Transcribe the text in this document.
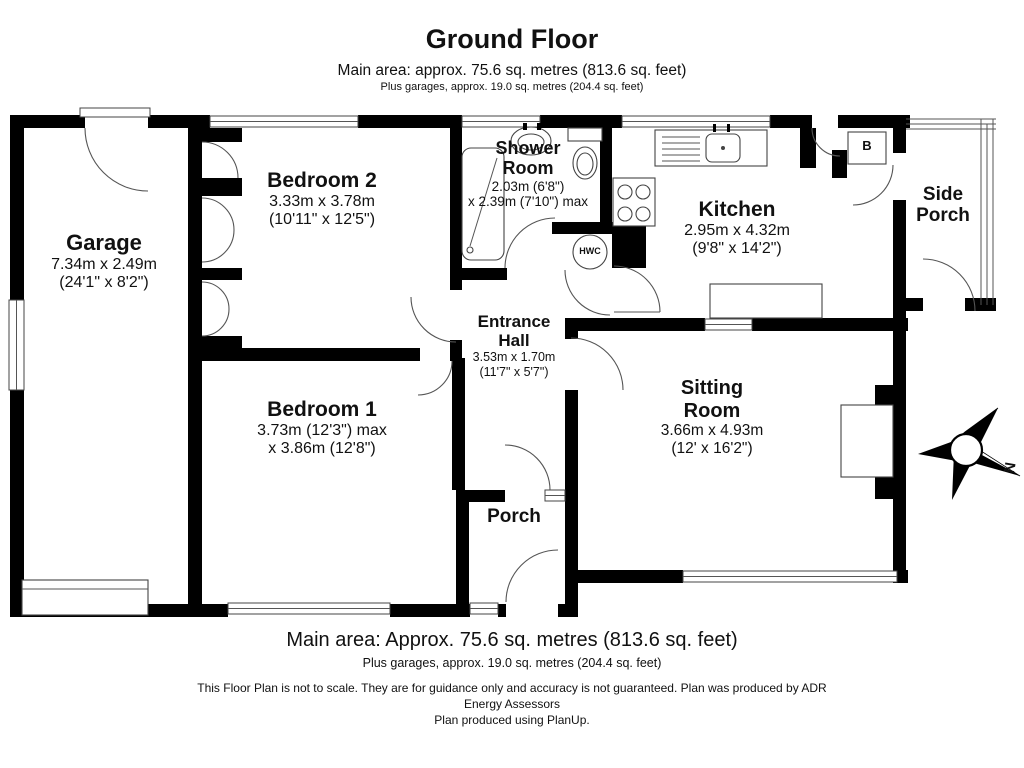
Ground Floor
Main area: approx. 75.6 sq. metres (813.6 sq. feet)
Plus garages, approx. 19.0 sq. metres (204.4 sq. feet)
Garage
7.34m x 2.49m
(24'1" x 8'2")
Bedroom 2
3.33m x 3.78m
(10'11" x 12'5")
Shower
Room
2.03m (6'8")
x 2.39m (7'10") max	Kitchen
2.95m x 4.32m
(9'8" x 14'2")
Side
Porch
Entrance
Hall
3.53m x 1.70m
(11'7" x 5'7")
Bedroom 1
3.73m (12'3") max
x 3.86m (12'8")
Sitting
Room
3.66m x 4.93m
(12' x 16'2")
Porch
B
HWC
N
Main area: Approx. 75.6 sq. metres (813.6 sq. feet)
Plus garages, approx. 19.0 sq. metres (204.4 sq. feet)
This Floor Plan is not to scale. They are for guidance only and accuracy is not guaranteed. Plan was produced by ADR
Energy Assessors
Plan produced using PlanUp.
